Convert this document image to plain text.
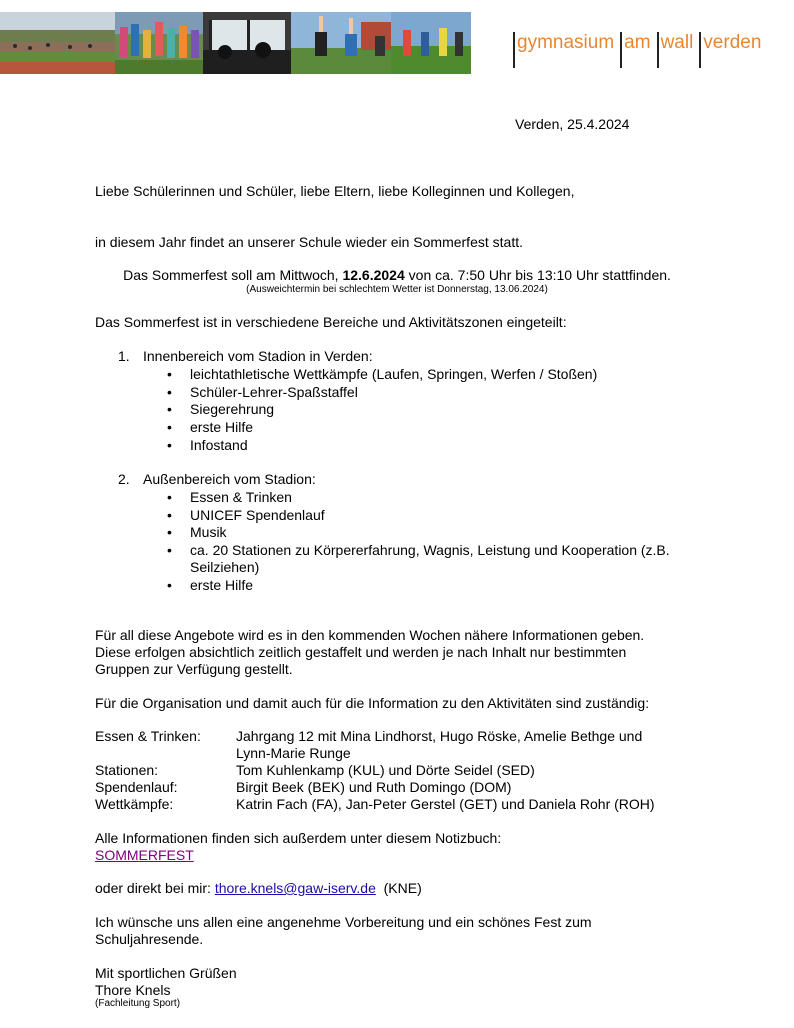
gymnasium am wall verden
Verden, 25.4.2024
Liebe Schülerinnen und Schüler, liebe Eltern, liebe Kolleginnen und Kollegen,
in diesem Jahr findet an unserer Schule wieder ein Sommerfest statt.
Das Sommerfest soll am Mittwoch, 12.6.2024 von ca. 7:50 Uhr bis 13:10 Uhr stattfinden.
(Ausweichtermin bei schlechtem Wetter ist Donnerstag, 13.06.2024)
Das Sommerfest ist in verschiedene Bereiche und Aktivitätszonen eingeteilt:
1. Innenbereich vom Stadion in Verden:
• leichtathletische Wettkämpfe (Laufen, Springen, Werfen / Stoßen)
• Schüler-Lehrer-Spaßstaffel
• Siegerehrung
• erste Hilfe
• Infostand
2. Außenbereich vom Stadion:
• Essen & Trinken
• UNICEF Spendenlauf
• Musik
• ca. 20 Stationen zu Körpererfahrung, Wagnis, Leistung und Kooperation (z.B.
Seilziehen)
• erste Hilfe
Für all diese Angebote wird es in den kommenden Wochen nähere Informationen geben.
Diese erfolgen absichtlich zeitlich gestaffelt und werden je nach Inhalt nur bestimmten
Gruppen zur Verfügung gestellt.
Für die Organisation und damit auch für die Information zu den Aktivitäten sind zuständig:
Essen & Trinken:	Jahrgang 12 mit Mina Lindhorst, Hugo Röske, Amelie Bethge und
Lynn-Marie Runge
Stationen:	Tom Kuhlenkamp (KUL) und Dörte Seidel (SED)
Spendenlauf:	Birgit Beek (BEK) und Ruth Domingo (DOM)
Wettkämpfe:	Katrin Fach (FA), Jan-Peter Gerstel (GET) und Daniela Rohr (ROH)
Alle Informationen finden sich außerdem unter diesem Notizbuch:
SOMMERFEST
oder direkt bei mir: thore.knels@gaw-iserv.de  (KNE)
Ich wünsche uns allen eine angenehme Vorbereitung und ein schönes Fest zum
Schuljahresende.
Mit sportlichen Grüßen
Thore Knels
(Fachleitung Sport)
